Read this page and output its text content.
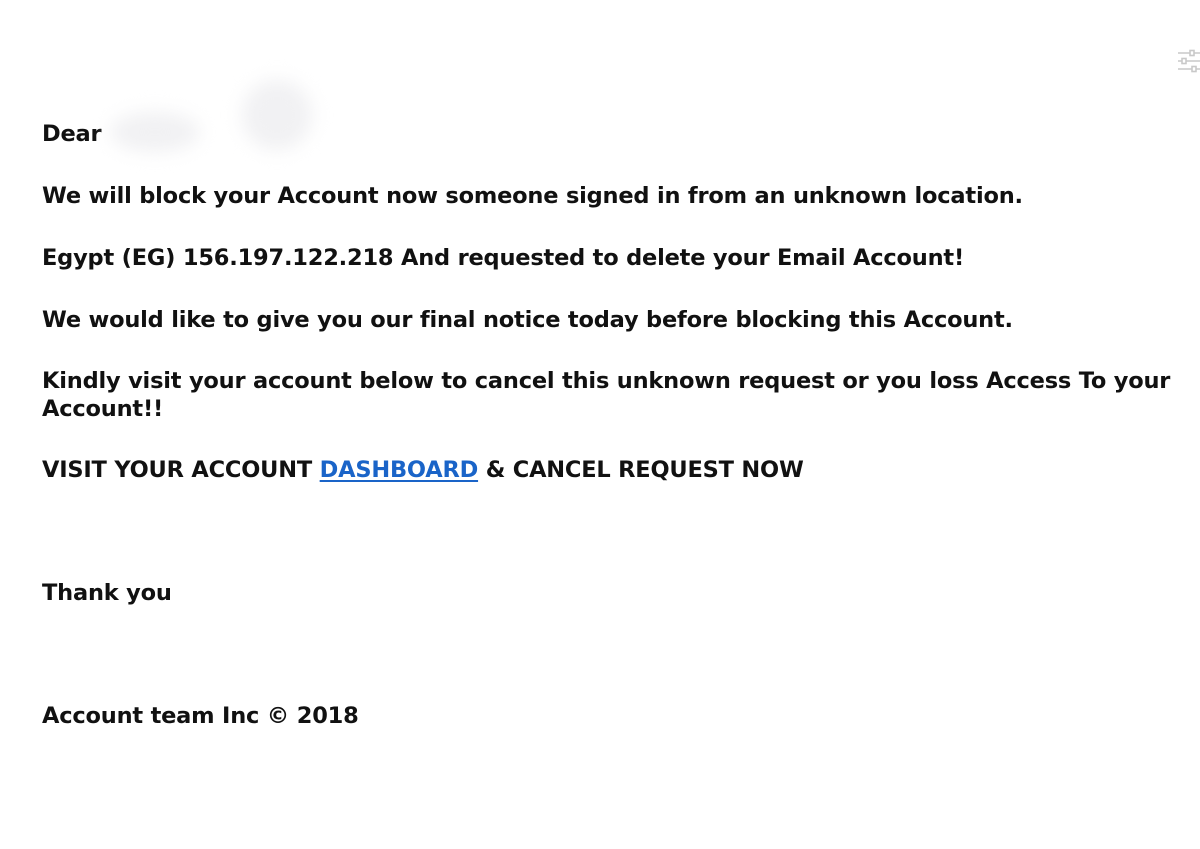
Dear

We will block your Account now someone signed in from an unknown location.

Egypt (EG) 156.197.122.218 And requested to delete your Email Account!

We would like to give you our final notice today before blocking this Account.

Kindly visit your account below to cancel this unknown request or you loss Access To your Account!!

VISIT YOUR ACCOUNT DASHBOARD & CANCEL REQUEST NOW

Thank you

Account team Inc © 2018
